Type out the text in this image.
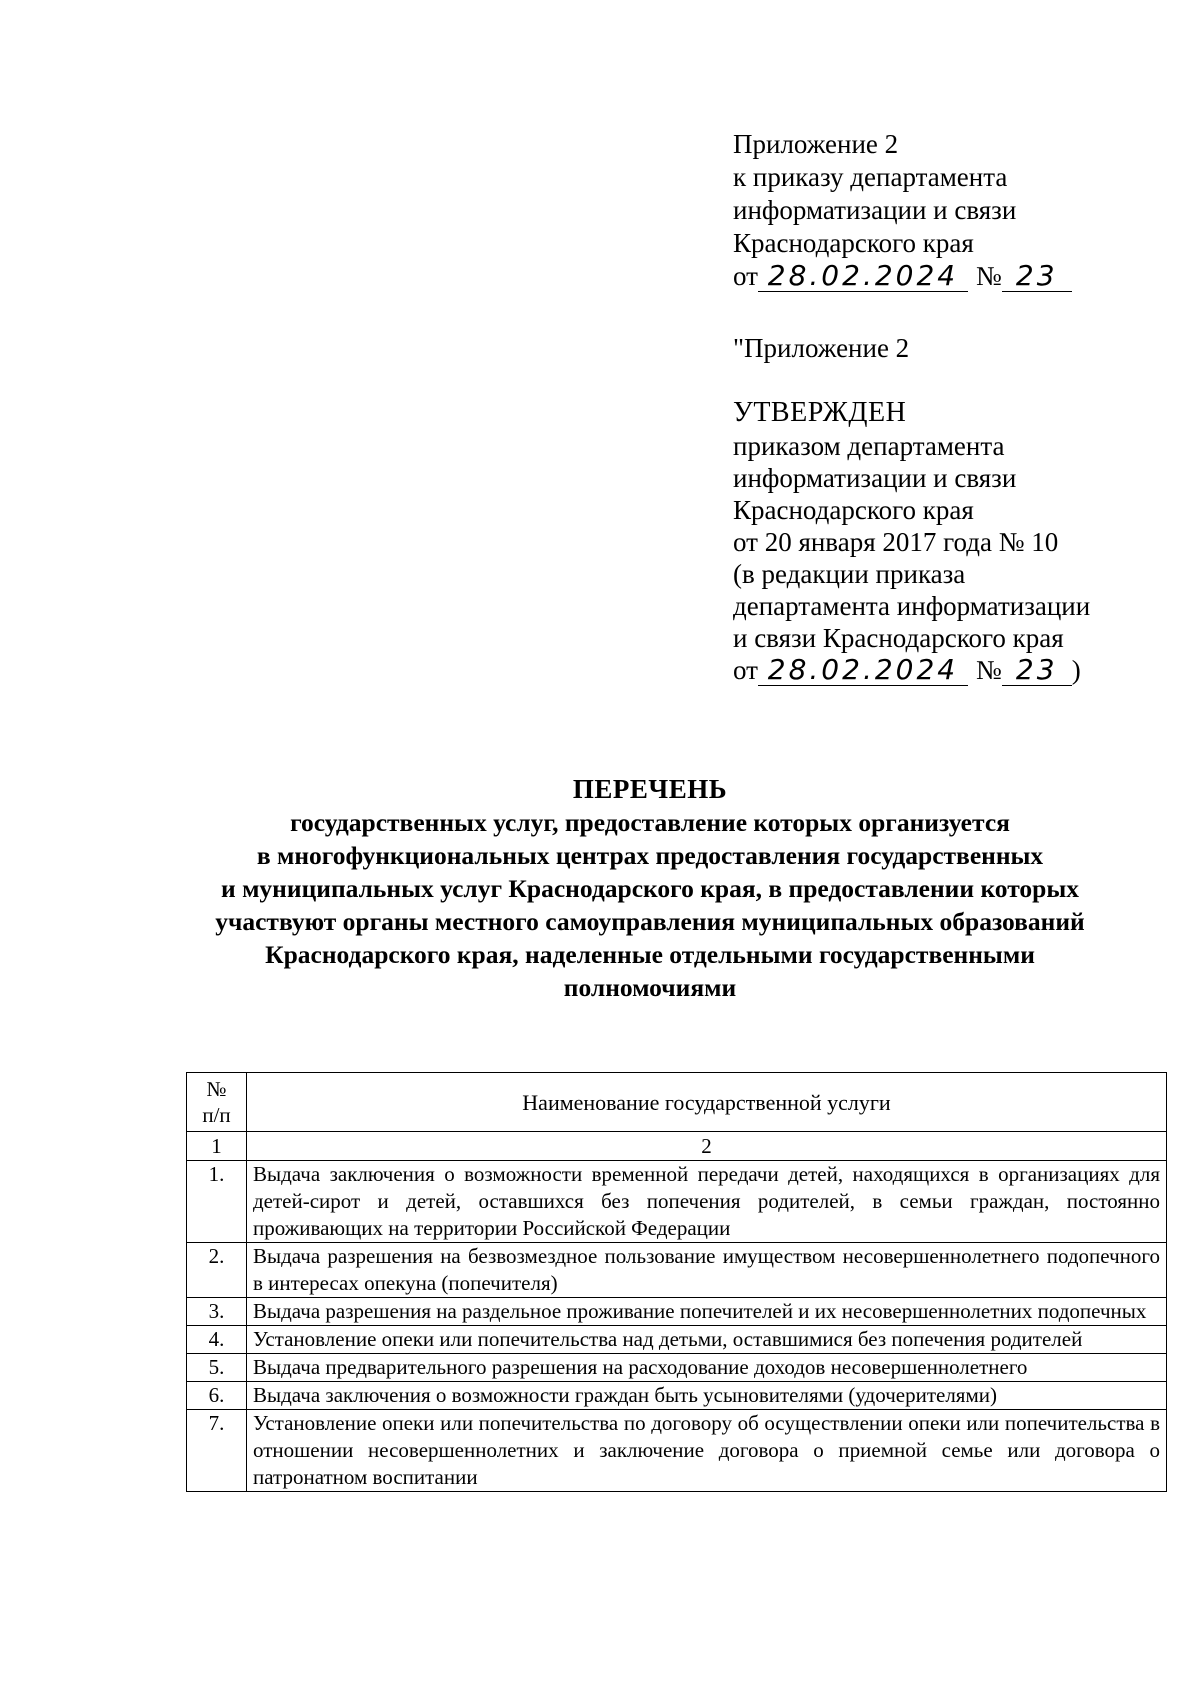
Приложение 2
к приказу департамента
информатизации и связи
Краснодарского края
от 28.02.2024 № 23
"Приложение 2
УТВЕРЖДЕН
приказом департамента
информатизации и связи
Краснодарского края
от 20 января 2017 года № 10
(в редакции приказа
департамента информатизации
и связи Краснодарского края
от 28.02.2024 № 23 )
ПЕРЕЧЕНЬ
государственных услуг, предоставление которых организуется
в многофункциональных центрах предоставления государственных
и муниципальных услуг Краснодарского края, в предоставлении которых
участвуют органы местного самоуправления муниципальных образований
Краснодарского края, наделенные отдельными государственными
полномочиями
№
п/п	Наименование государственной услуги
1	2
1.	Выдача заключения о возможности временной передачи детей, находящихся в организациях для детей-сирот и детей, оставшихся без попечения родителей, в семьи граждан, постоянно проживающих на территории Российской Федерации
2.	Выдача разрешения на безвозмездное пользование имуществом несовершеннолетнего подопечного в интересах опекуна (попечителя)
3.	Выдача разрешения на раздельное проживание попечителей и их несовершеннолетних подопечных
4.	Установление опеки или попечительства над детьми, оставшимися без попечения родителей
5.	Выдача предварительного разрешения на расходование доходов несовершеннолетнего
6.	Выдача заключения о возможности граждан быть усыновителями (удочерителями)
7.	Установление опеки или попечительства по договору об осуществлении опеки или попечительства в отношении несовершеннолетних и заключение договора о приемной семье или договора о патронатном воспитании
